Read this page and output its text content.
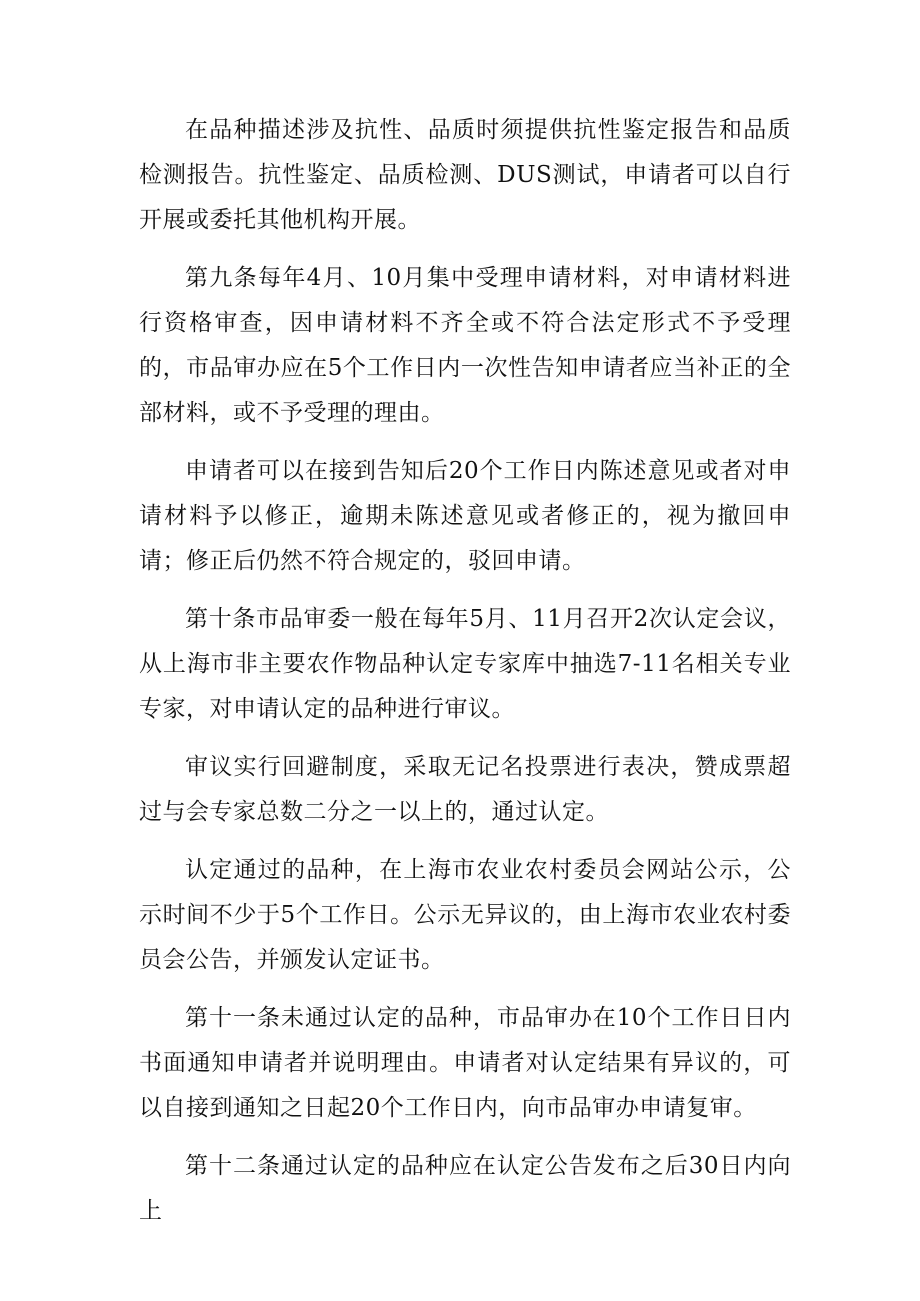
在品种描述涉及抗性、品质时须提供抗性鉴定报告和品质检测报告。抗性鉴定、品质检测、DUS测试，申请者可以自行开展或委托其他机构开展。

第九条每年4月、10月集中受理申请材料，对申请材料进行资格审查，因申请材料不齐全或不符合法定形式不予受理的，市品审办应在5个工作日内一次性告知申请者应当补正的全部材料，或不予受理的理由。

申请者可以在接到告知后20个工作日内陈述意见或者对申请材料予以修正，逾期未陈述意见或者修正的，视为撤回申请；修正后仍然不符合规定的，驳回申请。

第十条市品审委一般在每年5月、11月召开2次认定会议，从上海市非主要农作物品种认定专家库中抽选7-11名相关专业专家，对申请认定的品种进行审议。

审议实行回避制度，采取无记名投票进行表决，赞成票超过与会专家总数二分之一以上的，通过认定。

认定通过的品种，在上海市农业农村委员会网站公示，公示时间不少于5个工作日。公示无异议的，由上海市农业农村委员会公告，并颁发认定证书。

第十一条未通过认定的品种，市品审办在10个工作日日内书面通知申请者并说明理由。申请者对认定结果有异议的，可以自接到通知之日起20个工作日内，向市品审办申请复审。

第十二条通过认定的品种应在认定公告发布之后30日内向上
